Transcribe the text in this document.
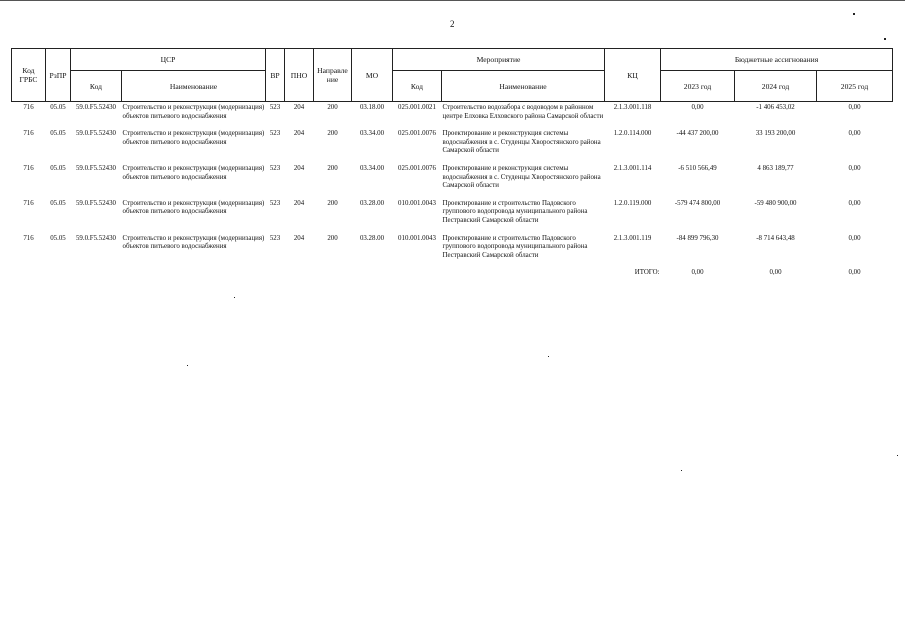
2
Код ГРБС	РзПР	ЦСР		ВР	ПНО	Направле ние	МО	Мероприятие		КЦ	Бюджетные ассигнования		
		Код	Наименование					Код	Наименование		2023 год	2024 год	2025 год
716	05.05	59.0.F5.52430	Строительство и реконструкция (модернизация) объектов питьевого водоснабжения	523	204	200	03.18.00	025.001.0021	Строительство водозабора с водоводом в районном центре Елховка Елховского района Самарской области	2.1.3.001.118	0,00	-1 406 453,02	0,00
716	05.05	59.0.F5.52430	Строительство и реконструкция (модернизация) объектов питьевого водоснабжения	523	204	200	03.34.00	025.001.0076	Проектирование и реконструкция системы водоснабжения в с. Студенцы Хворостянского района Самарской области	1.2.0.114.000	-44 437 200,00	33 193 200,00	0,00
716	05.05	59.0.F5.52430	Строительство и реконструкция (модернизация) объектов питьевого водоснабжения	523	204	200	03.34.00	025.001.0076	Проектирование и реконструкция системы водоснабжения в с. Студенцы Хворостянского района Самарской области	2.1.3.001.114	-6 510 566,49	4 863 189,77	0,00
716	05.05	59.0.F5.52430	Строительство и реконструкция (модернизация) объектов питьевого водоснабжения	523	204	200	03.28.00	010.001.0043	Проектирование и строительство Падовского группового водопровода муниципального района Пестравский Самарской области	1.2.0.119.000	-579 474 800,00	-59 480 900,00	0,00
716	05.05	59.0.F5.52430	Строительство и реконструкция (модернизация) объектов питьевого водоснабжения	523	204	200	03.28.00	010.001.0043	Проектирование и строительство Падовского группового водопровода муниципального района Пестравский Самарской области	2.1.3.001.119	-84 899 796,30	-8 714 643,48	0,00
ИТОГО:											0,00	0,00	0,00
